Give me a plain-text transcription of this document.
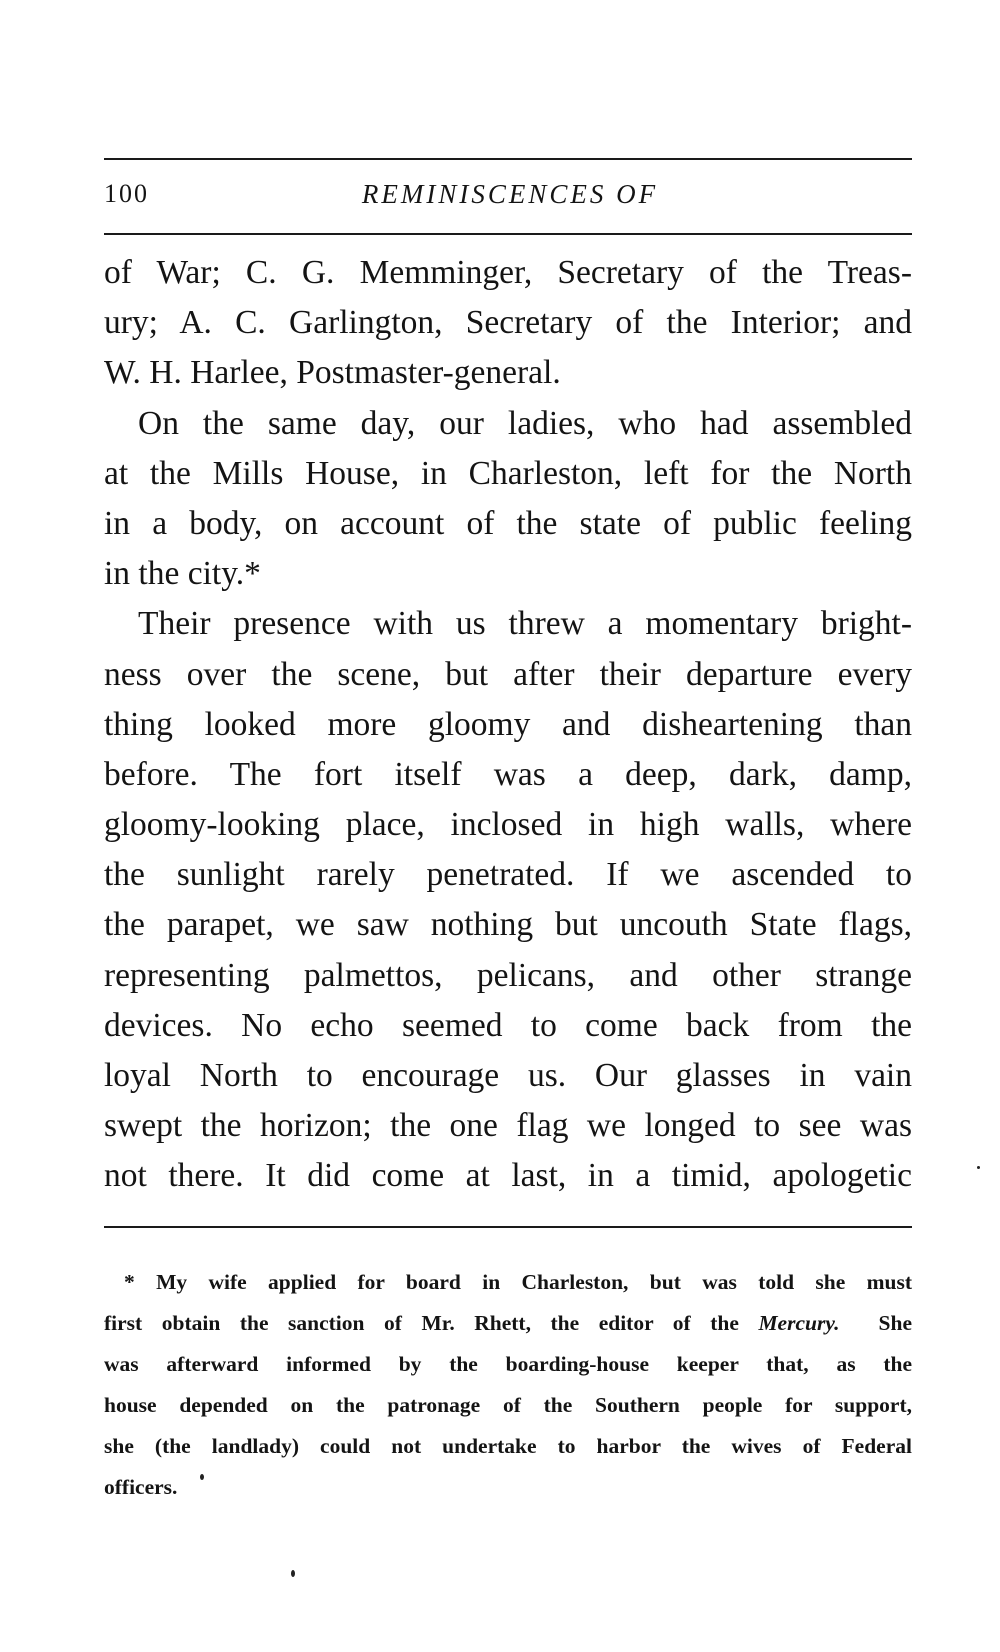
100	REMINISCENCES OF
of War; C. G. Memminger, Secretary of the Treas-
ury; A. C. Garlington, Secretary of the Interior; and
W. H. Harlee, Postmaster-general.
On the same day, our ladies, who had assembled
at the Mills House, in Charleston, left for the North
in a body, on account of the state of public feeling
in the city.*
Their presence with us threw a momentary bright-
ness over the scene, but after their departure every
thing looked more gloomy and disheartening than
before. The fort itself was a deep, dark, damp,
gloomy-looking place, inclosed in high walls, where
the sunlight rarely penetrated. If we ascended to
the parapet, we saw nothing but uncouth State flags,
representing palmettos, pelicans, and other strange
devices. No echo seemed to come back from the
loyal North to encourage us. Our glasses in vain
swept the horizon; the one flag we longed to see was
not there. It did come at last, in a timid, apologetic
* My wife applied for board in Charleston, but was told she must
first obtain the sanction of Mr. Rhett, the editor of the Mercury. She
was afterward informed by the boarding-house keeper that, as the
house depended on the patronage of the Southern people for support,
she (the landlady) could not undertake to harbor the wives of Federal
officers.
